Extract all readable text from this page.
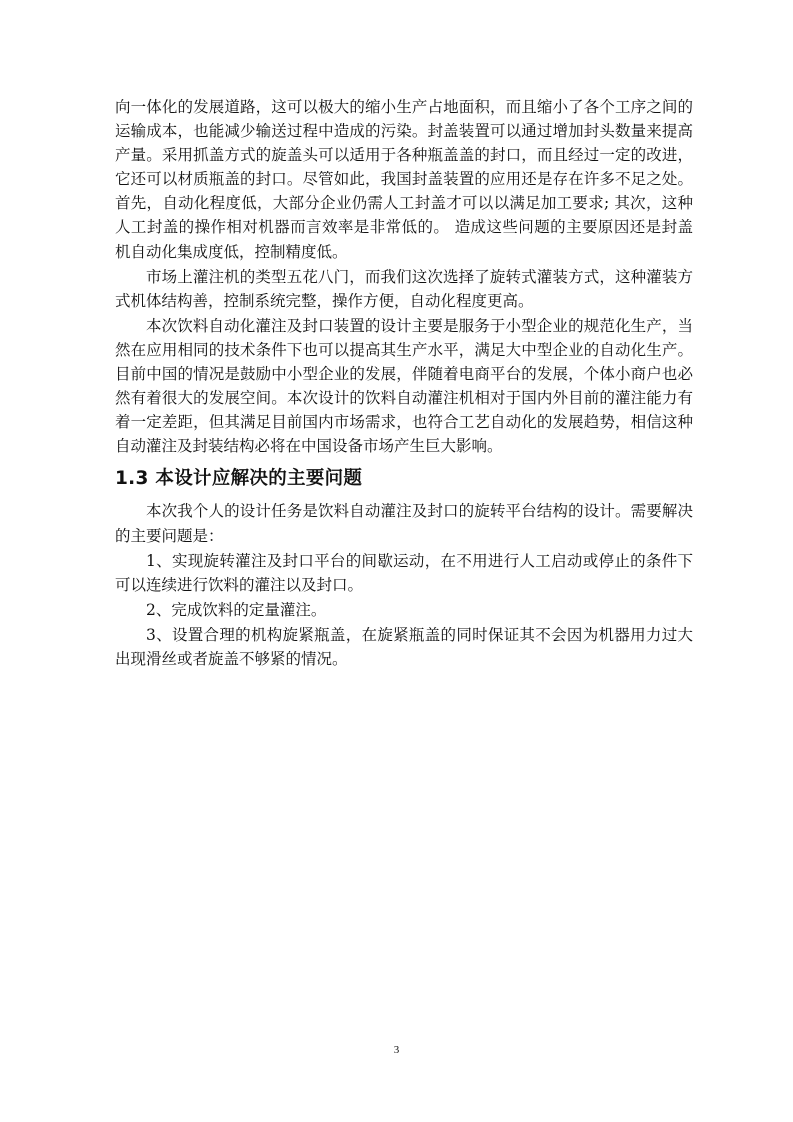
向一体化的发展道路，这可以极大的缩小生产占地面积，而且缩小了各个工序之间的运输成本，也能减少输送过程中造成的污染。封盖装置可以通过增加封头数量来提高产量。采用抓盖方式的旋盖头可以适用于各种瓶盖盖的封口，而且经过一定的改进，它还可以材质瓶盖的封口。尽管如此，我国封盖装置的应用还是存在许多不足之处。首先，自动化程度低，大部分企业仍需人工封盖才可以以满足加工要求; 其次，这种人工封盖的操作相对机器而言效率是非常低的。 造成这些问题的主要原因还是封盖机自动化集成度低，控制精度低。

市场上灌注机的类型五花八门，而我们这次选择了旋转式灌装方式，这种灌装方式机体结构善，控制系统完整，操作方便，自动化程度更高。

本次饮料自动化灌注及封口装置的设计主要是服务于小型企业的规范化生产，当然在应用相同的技术条件下也可以提高其生产水平，满足大中型企业的自动化生产。目前中国的情况是鼓励中小型企业的发展，伴随着电商平台的发展，个体小商户也必然有着很大的发展空间。本次设计的饮料自动灌注机相对于国内外目前的灌注能力有着一定差距，但其满足目前国内市场需求，也符合工艺自动化的发展趋势，相信这种自动灌注及封装结构必将在中国设备市场产生巨大影响。

1.3 本设计应解决的主要问题

本次我个人的设计任务是饮料自动灌注及封口的旋转平台结构的设计。需要解决的主要问题是：

1、实现旋转灌注及封口平台的间歇运动，在不用进行人工启动或停止的条件下可以连续进行饮料的灌注以及封口。

2、完成饮料的定量灌注。

3、设置合理的机构旋紧瓶盖，在旋紧瓶盖的同时保证其不会因为机器用力过大出现滑丝或者旋盖不够紧的情况。

3
